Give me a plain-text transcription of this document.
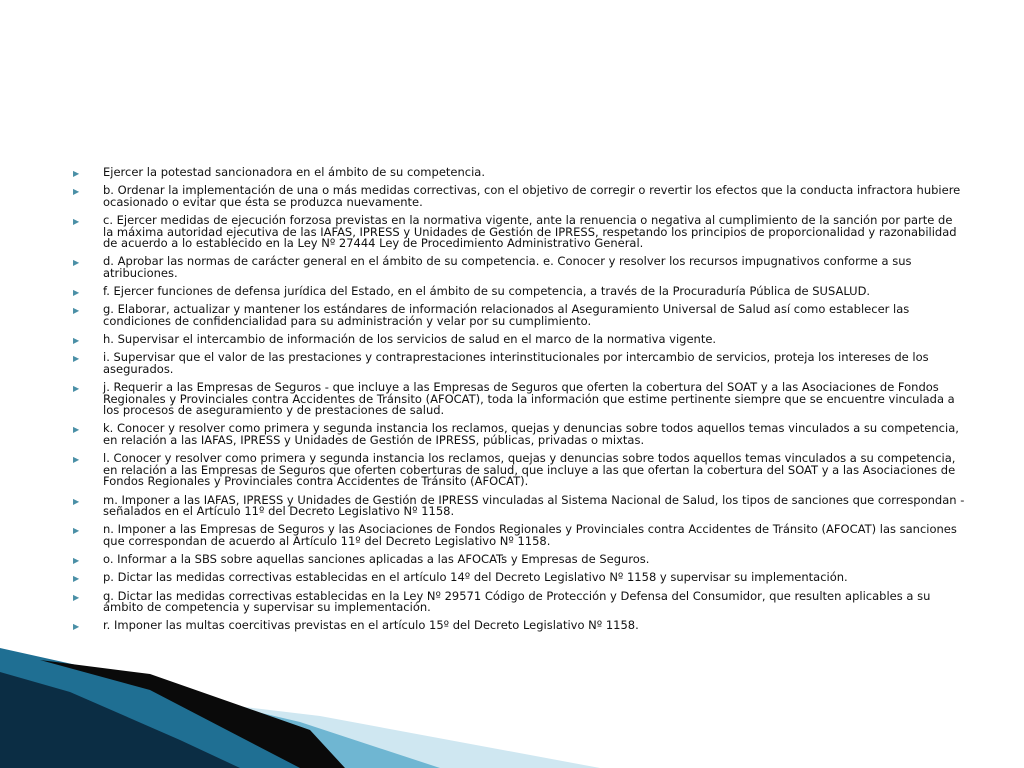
▶ Ejercer la potestad sancionadora en el ámbito de su competencia.
▶ b. Ordenar la implementación de una o más medidas correctivas, con el objetivo de corregir o revertir los efectos que la conducta infractora hubiere ocasionado o evitar que ésta se produzca nuevamente.
▶ c. Ejercer medidas de ejecución forzosa previstas en la normativa vigente, ante la renuencia o negativa al cumplimiento de la sanción por parte de la máxima autoridad ejecutiva de las IAFAS, IPRESS y Unidades de Gestión de IPRESS, respetando los principios de proporcionalidad y razonabilidad de acuerdo a lo establecido en la Ley Nº 27444 Ley de Procedimiento Administrativo General.
▶ d. Aprobar las normas de carácter general en el ámbito de su competencia. e. Conocer y resolver los recursos impugnativos conforme a sus atribuciones.
▶ f. Ejercer funciones de defensa jurídica del Estado, en el ámbito de su competencia, a través de la Procuraduría Pública de SUSALUD.
▶ g. Elaborar, actualizar y mantener los estándares de información relacionados al Aseguramiento Universal de Salud así como establecer las condiciones de confidencialidad para su administración y velar por su cumplimiento.
▶ h. Supervisar el intercambio de información de los servicios de salud en el marco de la normativa vigente.
▶ i. Supervisar que el valor de las prestaciones y contraprestaciones interinstitucionales por intercambio de servicios, proteja los intereses de los asegurados.
▶ j. Requerir a las Empresas de Seguros - que incluye a las Empresas de Seguros que oferten la cobertura del SOAT y a las Asociaciones de Fondos Regionales y Provinciales contra Accidentes de Tránsito (AFOCAT), toda la información que estime pertinente siempre que se encuentre vinculada a los procesos de aseguramiento y de prestaciones de salud.
▶ k. Conocer y resolver como primera y segunda instancia los reclamos, quejas y denuncias sobre todos aquellos temas vinculados a su competencia, en relación a las IAFAS, IPRESS y Unidades de Gestión de IPRESS, públicas, privadas o mixtas.
▶ l. Conocer y resolver como primera y segunda instancia los reclamos, quejas y denuncias sobre todos aquellos temas vinculados a su competencia, en relación a las Empresas de Seguros que oferten coberturas de salud, que incluye a las que ofertan la cobertura del SOAT y a las Asociaciones de Fondos Regionales y Provinciales contra Accidentes de Tránsito (AFOCAT).
▶ m. Imponer a las IAFAS, IPRESS y Unidades de Gestión de IPRESS vinculadas al Sistema Nacional de Salud, los tipos de sanciones que correspondan - señalados en el Artículo 11º del Decreto Legislativo Nº 1158.
▶ n. Imponer a las Empresas de Seguros y las Asociaciones de Fondos Regionales y Provinciales contra Accidentes de Tránsito (AFOCAT) las sanciones que correspondan de acuerdo al Artículo 11º del Decreto Legislativo Nº 1158.
▶ o. Informar a la SBS sobre aquellas sanciones aplicadas a las AFOCATs y Empresas de Seguros.
▶ p. Dictar las medidas correctivas establecidas en el artículo 14º del Decreto Legislativo Nº 1158 y supervisar su implementación.
▶ q. Dictar las medidas correctivas establecidas en la Ley Nº 29571 Código de Protección y Defensa del Consumidor, que resulten aplicables a su ámbito de competencia y supervisar su implementación.
▶ r. Imponer las multas coercitivas previstas en el artículo 15º del Decreto Legislativo Nº 1158.
